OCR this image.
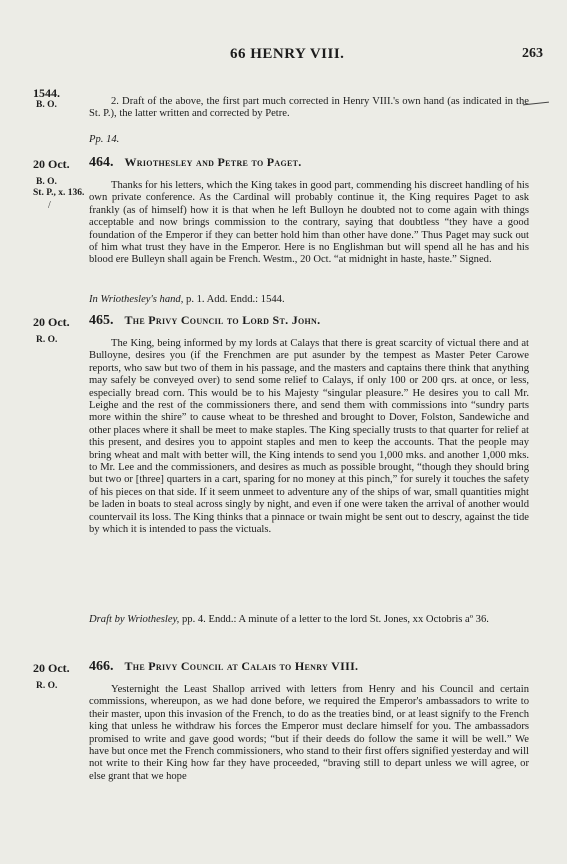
66 HENRY VIII.	263
1544.
B. O.	2. Draft of the above, the first part much corrected in Henry VIII.'s own hand (as indicated in the St. P.), the latter written and corrected by Petre.
Pp. 14.
20 Oct.
B. O.
St. P., x. 136.
/
464. Wriothesley and Petre to Paget.
Thanks for his letters, which the King takes in good part, commending his discreet handling of his own private conference. As the Cardinal will probably continue it, the King requires Paget to ask frankly (as of himself) how it is that when he left Bulloyn he doubted not to come again with things acceptable and now brings commission to the contrary, saying that doubtless “they have a good foundation of the Emperor if they can better hold him than other have done.” Thus Paget may suck out of him what trust they have in the Emperor. Here is no Englishman but will spend all he has and his blood ere Bulleyn shall again be French. Westm., 20 Oct. “at midnight in haste, haste.” Signed.
In Wriothesley's hand, p. 1. Add. Endd.: 1544.
20 Oct.
R. O.
465. The Privy Council to Lord St. John.
The King, being informed by my lords at Calays that there is great scarcity of victual there and at Bulloyne, desires you (if the Frenchmen are put asunder by the tempest as Master Peter Carowe reports, who saw but two of them in his passage, and the masters and captains there think that anything may safely be conveyed over) to send some relief to Calays, if only 100 or 200 qrs. at once, or less, especially bread corn. This would be to his Majesty “singular pleasure.” He desires you to call Mr. Leighe and the rest of the commissioners there, and send them with commissions into “sundry parts more within the shire” to cause wheat to be threshed and brought to Dover, Folston, Sandewiche and other places where it shall be meet to make staples. The King specially trusts to that quarter for relief at this present, and desires you to appoint staples and men to keep the accounts. That the people may bring wheat and malt with better will, the King intends to send you 1,000 mks. and another 1,000 mks. to Mr. Lee and the commissioners, and desires as much as possible brought, “though they should bring but two or [three] quarters in a cart, sparing for no money at this pinch,” for surely it touches the safety of his pieces on that side. If it seem unmeet to adventure any of the ships of war, small quantities might be laden in boats to steal across singly by night, and even if one were taken the arrival of another would countervail its loss. The King thinks that a pinnace or twain might be sent out to descry, against the tide by which it is intended to pass the victuals.
Draft by Wriothesley, pp. 4. Endd.: A minute of a letter to the lord St. Jones, xx Octobris aº 36.
20 Oct.
R. O.
466. The Privy Council at Calais to Henry VIII.
Yesternight the Least Shallop arrived with letters from Henry and his Council and certain commissions, whereupon, as we had done before, we required the Emperor's ambassadors to write to their master, upon this invasion of the French, to do as the treaties bind, or at least signify to the French king that unless he withdraw his forces the Emperor must declare himself for you. The ambassadors promised to write and gave good words; “but if their deeds do follow the same it will be well.” We have but once met the French commissioners, who stand to their first offers signified yesterday and will not write to their King how far they have proceeded, “braving still to depart unless we will agree, or else grant that we hope
